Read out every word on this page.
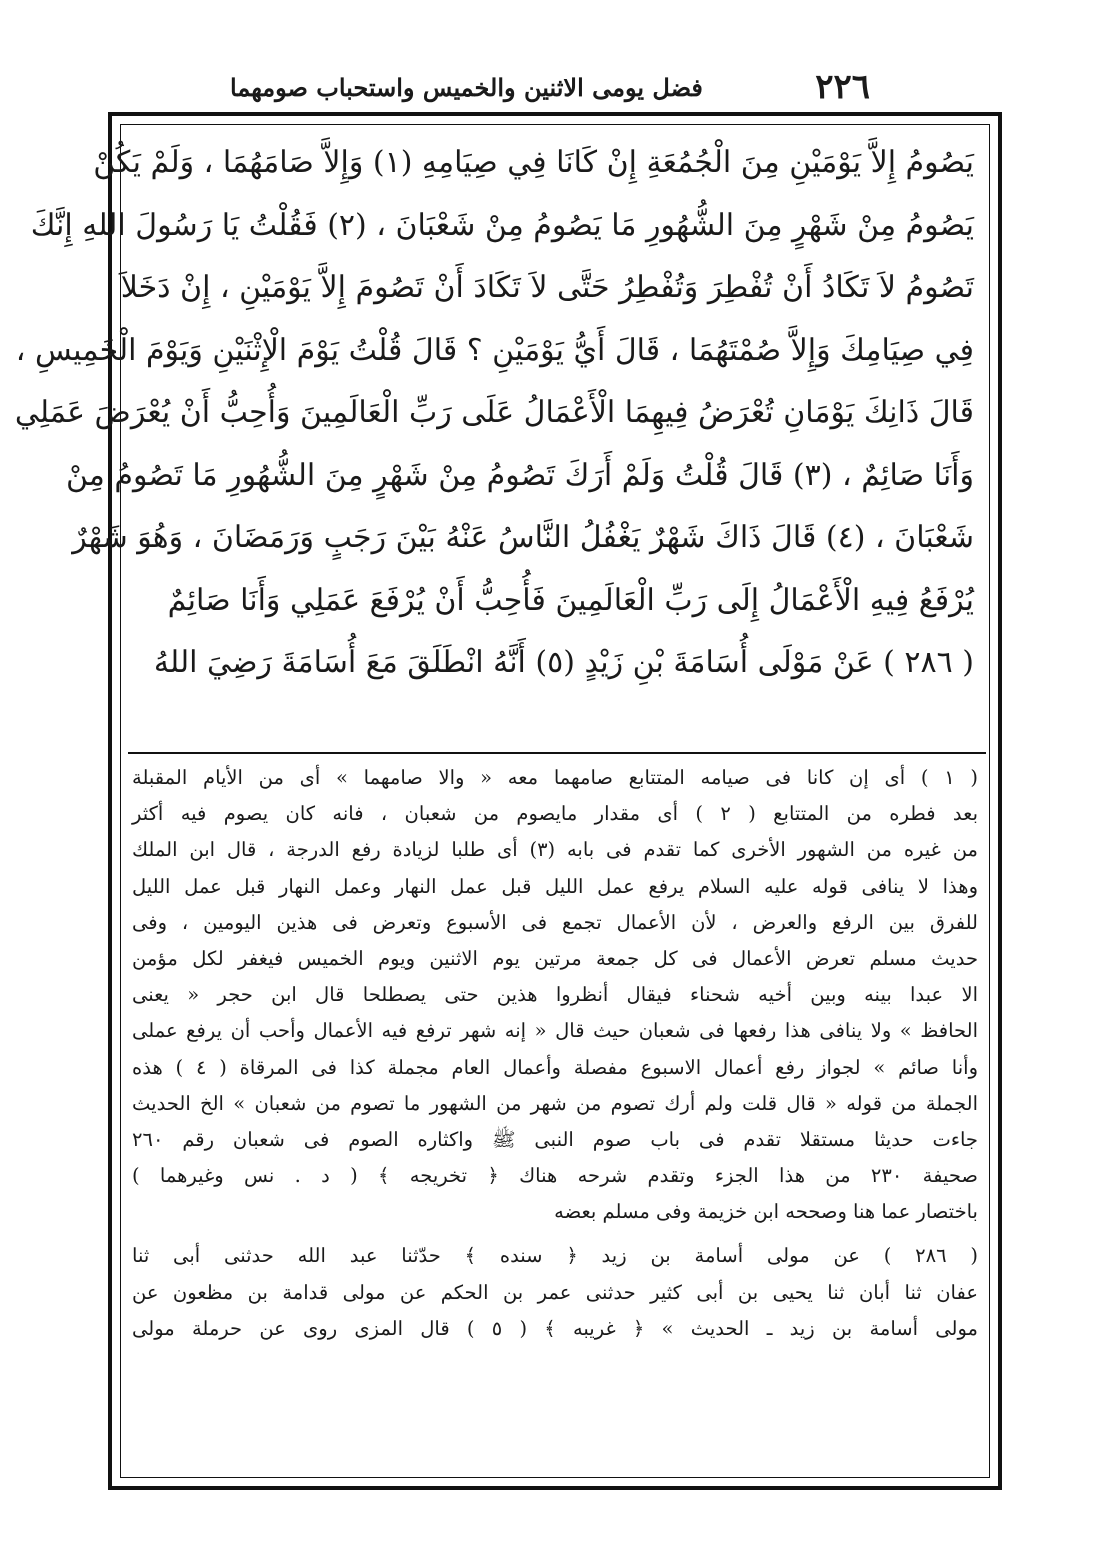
٢٢٦
فضل يومى الاثنين والخميس واستحباب صومهما
يَصُومُ إِلاَّ يَوْمَيْنِ مِنَ الْجُمُعَةِ إِنْ كَانَا فِي صِيَامِهِ (١) وَإِلاَّ صَامَهُمَا ، وَلَمْ يَكُنْ
يَصُومُ مِنْ شَهْرٍ مِنَ الشُّهُورِ مَا يَصُومُ مِنْ شَعْبَانَ ، (٢) فَقُلْتُ يَا رَسُولَ اللهِ إِنَّكَ
تَصُومُ لاَ تَكَادُ أَنْ تُفْطِرَ وَتُفْطِرُ حَتَّى لاَ تَكَادَ أَنْ تَصُومَ إِلاَّ يَوْمَيْنِ ، إِنْ دَخَلاَ
فِي صِيَامِكَ وَإِلاَّ صُمْتَهُمَا ، قَالَ أَيُّ يَوْمَيْنِ ؟ قَالَ قُلْتُ يَوْمَ الْإِثْنَيْنِ وَيَوْمَ الْخَمِيسِ ،
قَالَ ذَانِكَ يَوْمَانِ تُعْرَضُ فِيهِمَا الْأَعْمَالُ عَلَى رَبِّ الْعَالَمِينَ وَأُحِبُّ أَنْ يُعْرَضَ عَمَلِي
وَأَنَا صَائِمٌ ، (٣) قَالَ قُلْتُ وَلَمْ أَرَكَ تَصُومُ مِنْ شَهْرٍ مِنَ الشُّهُورِ مَا تَصُومُ مِنْ
شَعْبَانَ ، (٤) قَالَ ذَاكَ شَهْرٌ يَغْفُلُ النَّاسُ عَنْهُ بَيْنَ رَجَبٍ وَرَمَضَانَ ، وَهُوَ شَهْرٌ
يُرْفَعُ فِيهِ الْأَعْمَالُ إِلَى رَبِّ الْعَالَمِينَ فَأُحِبُّ أَنْ يُرْفَعَ عَمَلِي وَأَنَا صَائِمٌ
( ٢٨٦ ) عَنْ مَوْلَى أُسَامَةَ بْنِ زَيْدٍ (٥) أَنَّهُ انْطَلَقَ مَعَ أُسَامَةَ رَضِيَ اللهُ
( ١ ) أى إن كانا فى صيامه المتتابع صامهما معه « والا صامهما » أى من الأيام المقبلة
بعد فطره من المتتابع ( ٢ ) أى مقدار مايصوم من شعبان ، فانه كان يصوم فيه أكثر
من غيره من الشهور الأخرى كما تقدم فى بابه (٣) أى طلبا لزيادة رفع الدرجة ، قال ابن الملك
وهذا لا ينافى قوله عليه السلام يرفع عمل الليل قبل عمل النهار وعمل النهار قبل عمل الليل
للفرق بين الرفع والعرض ، لأن الأعمال تجمع فى الأسبوع وتعرض فى هذين اليومين ، وفى
حديث مسلم تعرض الأعمال فى كل جمعة مرتين يوم الاثنين ويوم الخميس فيغفر لكل مؤمن
الا عبدا بينه وبين أخيه شحناء فيقال أنظروا هذين حتى يصطلحا قال ابن حجر « يعنى
الحافظ » ولا ينافى هذا رفعها فى شعبان حيث قال « إنه شهر ترفع فيه الأعمال وأحب أن يرفع عملى
وأنا صائم » لجواز رفع أعمال الاسبوع مفصلة وأعمال العام مجملة كذا فى المرقاة ( ٤ ) هذه
الجملة من قوله « قال قلت ولم أرك تصوم من شهر من الشهور ما تصوم من شعبان » الخ الحديث
جاءت حديثا مستقلا تقدم فى باب صوم النبى ﷺ واكثاره الصوم فى شعبان رقم ٢٦٠
صحيفة ٢٣٠ من هذا الجزء وتقدم شرحه هناك ﴿ تخريجه ﴾ ( د . نس وغيرهما )
باختصار عما هنا وصححه ابن خزيمة وفى مسلم بعضه
( ٢٨٦ ) عن مولى أسامة بن زيد ﴿ سنده ﴾ حدّثنا عبد الله حدثنى أبى ثنا
عفان ثنا أبان ثنا يحيى بن أبى كثير حدثنى عمر بن الحكم عن مولى قدامة بن مظعون عن
مولى أسامة بن زيد ـ الحديث » ﴿ غريبه ﴾ ( ٥ ) قال المزى روى عن حرملة مولى
